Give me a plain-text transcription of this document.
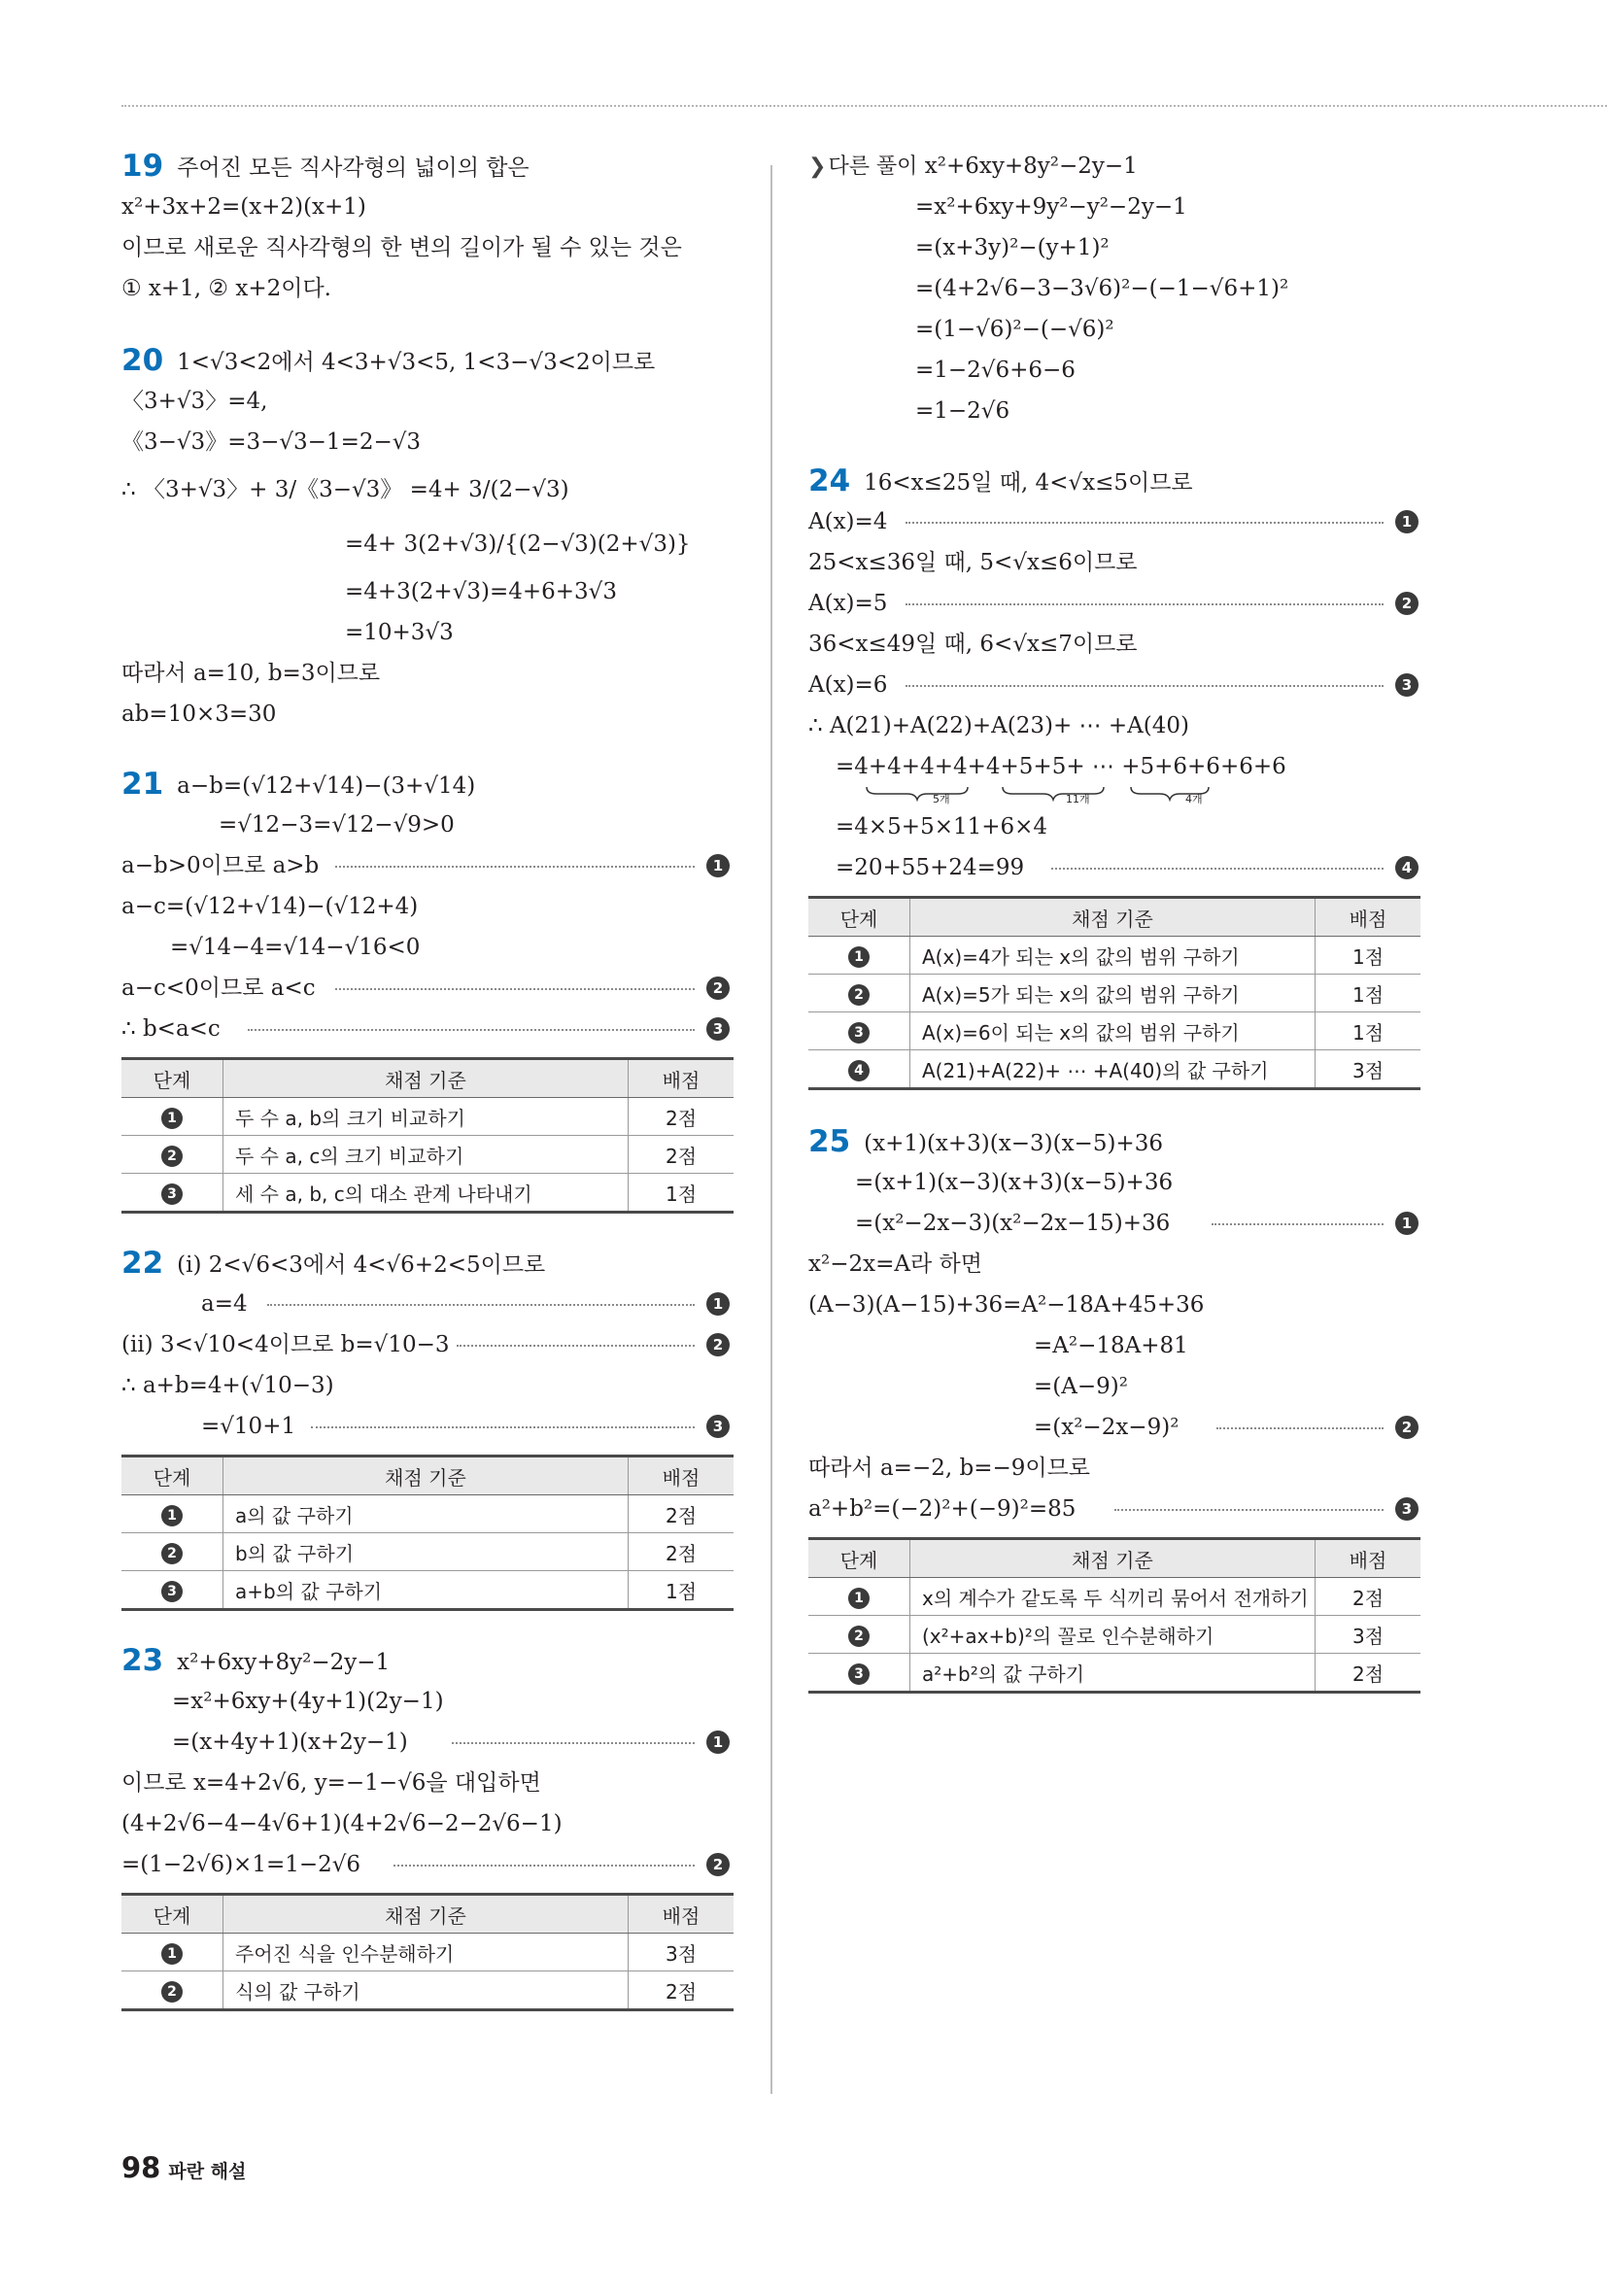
19 주어진 모든 직사각형의 넓이의 합은
x²+3x+2=(x+2)(x+1)
이므로 새로운 직사각형의 한 변의 길이가 될 수 있는 것은
① x+1, ② x+2이다.
20 1<√3<2에서 4<3+√3<5, 1<3−√3<2이므로
〈3+√3〉=4,
《3−√3》=3−√3−1=2−√3
∴ 〈3+√3〉+ 3/《3−√3》 =4+ 3/(2−√3)
=4+ 3(2+√3)/{(2−√3)(2+√3)}
=4+3(2+√3)=4+6+3√3
=10+3√3
따라서 a=10, b=3이므로
ab=10×3=30
21 a−b=(√12+√14)−(3+√14)
=√12−3=√12−√9>0
a−b>0이므로 a>b	1
a−c=(√12+√14)−(√12+4)
=√14−4=√14−√16<0
a−c<0이므로 a<c	2
∴ b<a<c	3
단계	채점 기준	배점
1	두 수 a, b의 크기 비교하기	2점
2	두 수 a, c의 크기 비교하기	2점
3	세 수 a, b, c의 대소 관계 나타내기	1점
22 (ⅰ) 2<√6<3에서 4<√6+2<5이므로
a=4	1
(ⅱ) 3<√10<4이므로 b=√10−3	2
∴ a+b=4+(√10−3)
=√10+1	3
단계	채점 기준	배점
1	a의 값 구하기	2점
2	b의 값 구하기	2점
3	a+b의 값 구하기	1점
23 x²+6xy+8y²−2y−1
=x²+6xy+(4y+1)(2y−1)
=(x+4y+1)(x+2y−1)	1
이므로 x=4+2√6, y=−1−√6을 대입하면
(4+2√6−4−4√6+1)(4+2√6−2−2√6−1)
=(1−2√6)×1=1−2√6	2
단계	채점 기준	배점
1	주어진 식을 인수분해하기	3점
2	식의 값 구하기	2점
❯다른 풀이 x²+6xy+8y²−2y−1
=x²+6xy+9y²−y²−2y−1
=(x+3y)²−(y+1)²
=(4+2√6−3−3√6)²−(−1−√6+1)²
=(1−√6)²−(−√6)²
=1−2√6+6−6
=1−2√6
24 16<x≤25일 때, 4<√x≤5이므로
A(x)=4	1
25<x≤36일 때, 5<√x≤6이므로
A(x)=5	2
36<x≤49일 때, 6<√x≤7이므로
A(x)=6	3
∴ A(21)+A(22)+A(23)+ ⋯ +A(40)
=4+4+4+4+4+5+5+ ⋯ +5+6+6+6+6
5개	11개	4개
=4×5+5×11+6×4
=20+55+24=99	4
단계	채점 기준	배점
1	A(x)=4가 되는 x의 값의 범위 구하기	1점
2	A(x)=5가 되는 x의 값의 범위 구하기	1점
3	A(x)=6이 되는 x의 값의 범위 구하기	1점
4	A(21)+A(22)+ ⋯ +A(40)의 값 구하기	3점
25 (x+1)(x+3)(x−3)(x−5)+36
=(x+1)(x−3)(x+3)(x−5)+36
=(x²−2x−3)(x²−2x−15)+36	1
x²−2x=A라 하면
(A−3)(A−15)+36=A²−18A+45+36
=A²−18A+81
=(A−9)²
=(x²−2x−9)²	2
따라서 a=−2, b=−9이므로
a²+b²=(−2)²+(−9)²=85	3
단계	채점 기준	배점
1	x의 계수가 같도록 두 식끼리 묶어서 전개하기	2점
2	(x²+ax+b)²의 꼴로 인수분해하기	3점
3	a²+b²의 값 구하기	2점
98 파란 해설
